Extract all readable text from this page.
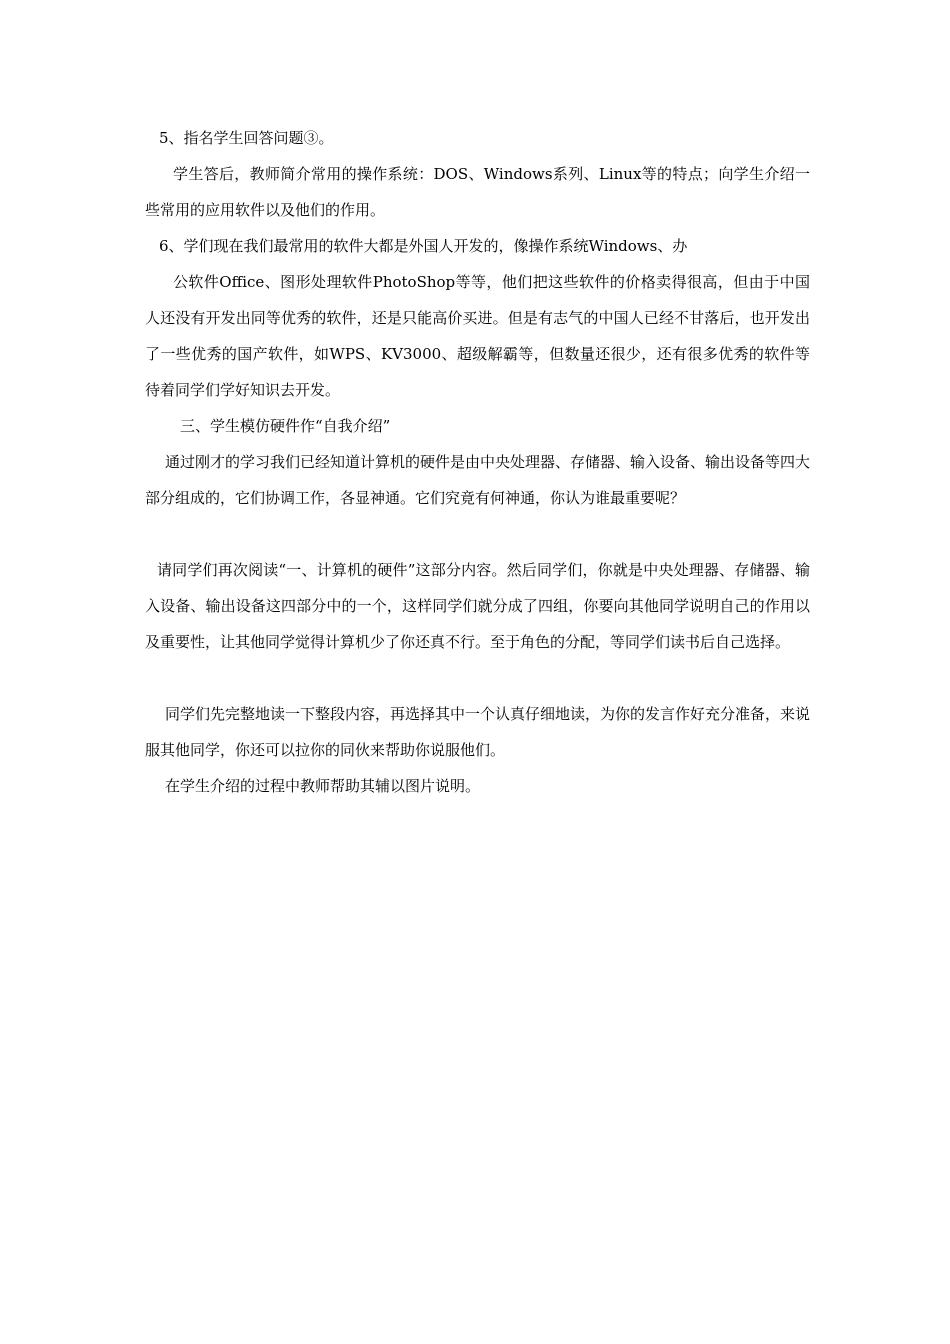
5、指名学生回答问题③。

学生答后，教师简介常用的操作系统：DOS、Windows系列、Linux等的特点；向学生介绍一些常用的应用软件以及他们的作用。

6、学们现在我们最常用的软件大都是外国人开发的，像操作系统Windows、办

公软件Office、图形处理软件PhotoShop等等，他们把这些软件的价格卖得很高，但由于中国人还没有开发出同等优秀的软件，还是只能高价买进。但是有志气的中国人已经不甘落后，也开发出了一些优秀的国产软件，如WPS、KV3000、超级解霸等，但数量还很少，还有很多优秀的软件等待着同学们学好知识去开发。

三、学生模仿硬件作“自我介绍”

通过刚才的学习我们已经知道计算机的硬件是由中央处理器、存储器、输入设备、输出设备等四大部分组成的，它们协调工作，各显神通。它们究竟有何神通，你认为谁最重要呢？

请同学们再次阅读“一、计算机的硬件”这部分内容。然后同学们，你就是中央处理器、存储器、输入设备、输出设备这四部分中的一个，这样同学们就分成了四组，你要向其他同学说明自己的作用以及重要性，让其他同学觉得计算机少了你还真不行。至于角色的分配，等同学们读书后自己选择。

同学们先完整地读一下整段内容，再选择其中一个认真仔细地读，为你的发言作好充分准备，来说服其他同学，你还可以拉你的同伙来帮助你说服他们。

在学生介绍的过程中教师帮助其辅以图片说明。
